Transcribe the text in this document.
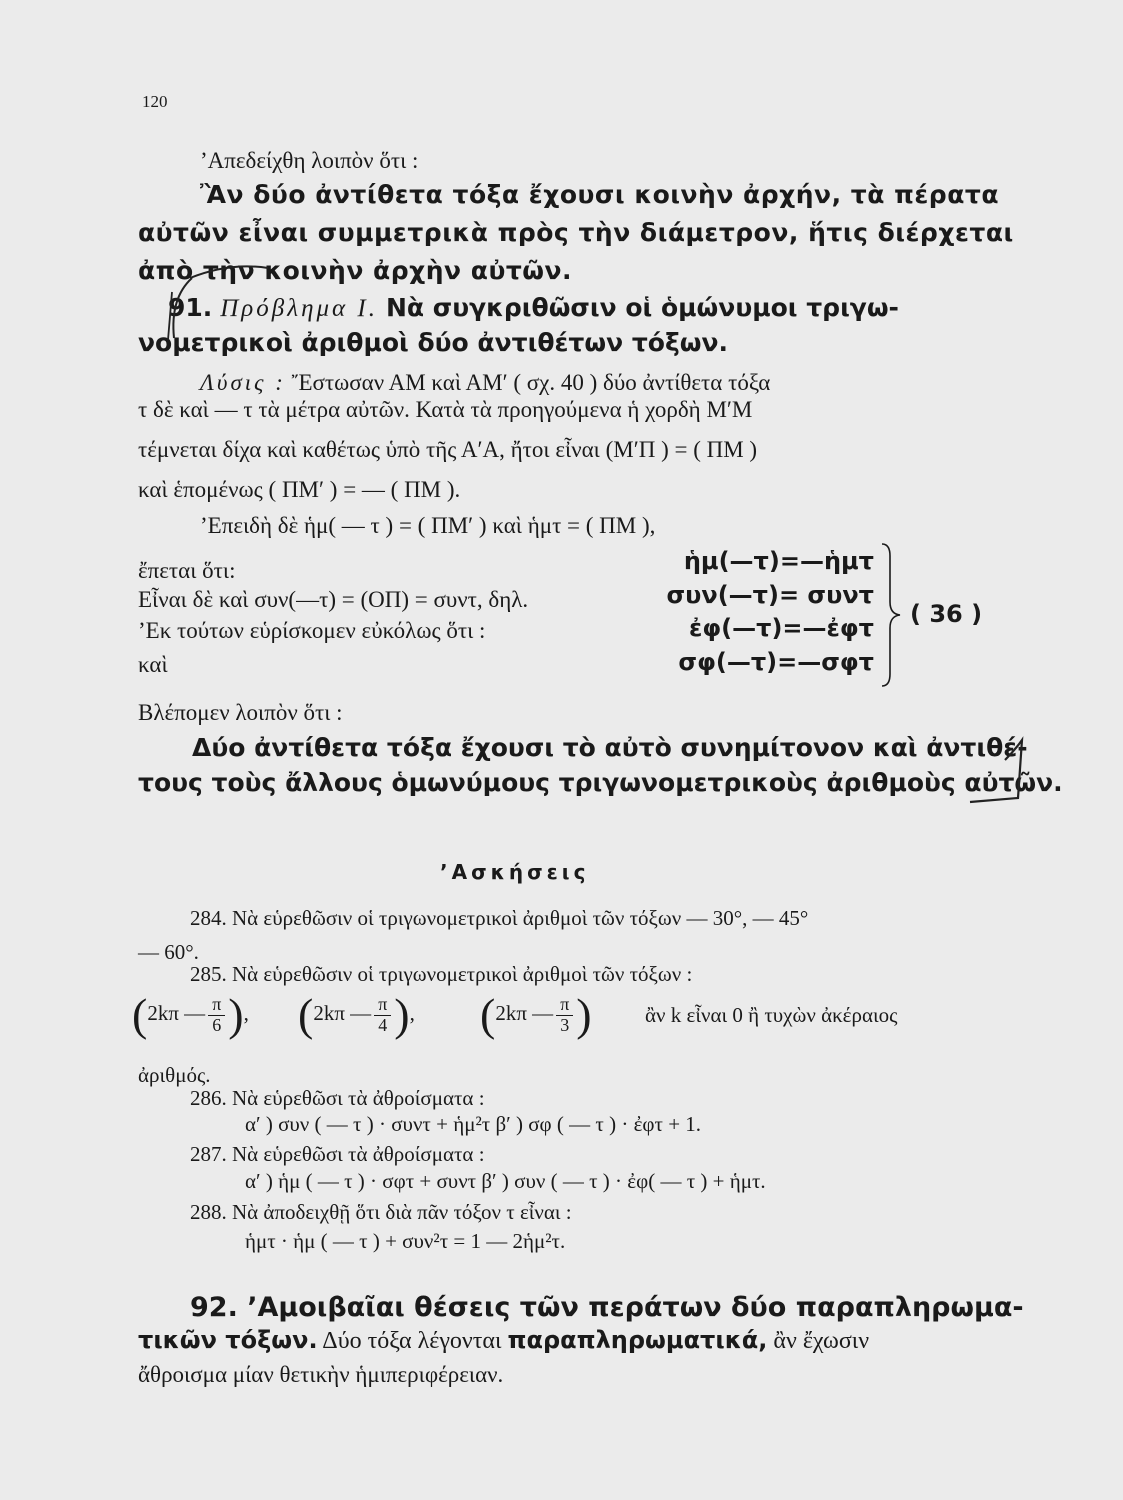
120
’Απεδείχθη λοιπὸν ὅτι :
Ἂν δύο ἀντίθετα τόξα ἔχουσι κοινὴν ἀρχήν, τὰ πέρατα
αὐτῶν εἶναι συμμετρικὰ πρὸς τὴν διάμετρον, ἥτις διέρχεται
ἀπὸ τὴν κοινὴν ἀρχὴν αὐτῶν.
91. Πρόβλημα Ι. Νὰ συγκριθῶσιν οἱ ὁμώνυμοι τριγω-
νομετρικοὶ ἀριθμοὶ δύο ἀντιθέτων τόξων.
Λύσις : Ἔστωσαν ΑΜ καὶ ΑΜ′ ( σχ. 40 ) δύο ἀντίθετα τόξα
τ δὲ καὶ — τ τὰ μέτρα αὐτῶν. Κατὰ τὰ προηγούμενα ἡ χορδὴ Μ′Μ
τέμνεται δίχα καὶ καθέτως ὑπὸ τῆς Α′Α, ἤτοι εἶναι (Μ′Π ) = ( ΠΜ )
καὶ ἑπομένως ( ΠΜ′ ) = — ( ΠΜ ).
’Επειδὴ δὲ ἡμ( — τ ) = ( ΠΜ′ ) καὶ ἡμτ = ( ΠΜ ),
ἔπεται ὅτι:
Εἶναι δὲ καὶ συν(—τ) = (ΟΠ) = συντ, δηλ.
’Εκ τούτων εὑρίσκομεν εὐκόλως ὅτι :
καὶ
ἡμ(—τ)=—ἡμτ
συν(—τ)= συντ
ἐφ(—τ)=—ἐφτ
σφ(—τ)=—σφτ
( 36 )
Βλέπομεν λοιπὸν ὅτι :
Δύο ἀντίθετα τόξα ἔχουσι τὸ αὐτὸ συνημίτονον καὶ ἀντιθέ-
τους τοὺς ἄλλους ὁμωνύμους τριγωνομετρικοὺς ἀριθμοὺς αὐτῶν.
’Ασκήσεις
284. Νὰ εὑρεθῶσιν οἱ τριγωνομετρικοὶ ἀριθμοὶ τῶν τόξων — 30°, — 45°
— 60°.
285. Νὰ εὑρεθῶσιν οἱ τριγωνομετρικοὶ ἀριθμοὶ τῶν τόξων :
(2kπ — $\frac{\pi}{6}$ ), (2kπ — $\frac{\pi}{4}$ ), (2kπ — $\frac{\pi}{3}$ )	ἂν k εἶναι 0 ἢ τυχὼν ἀκέραιος
ἀριθμός.
286. Νὰ εὑρεθῶσι τὰ ἀθροίσματα :
α′ ) συν ( — τ ) · συντ + ἡμ²τ β′ ) σφ ( — τ ) · ἐφτ + 1.
287. Νὰ εὑρεθῶσι τὰ ἀθροίσματα :
α′ ) ἡμ ( — τ ) · σφτ + συντ β′ ) συν ( — τ ) · ἐφ( — τ ) + ἡμτ.
288. Νὰ ἀποδειχθῇ ὅτι διὰ πᾶν τόξον τ εἶναι :
ἡμτ · ἡμ ( — τ ) + συν²τ = 1 — 2ἡμ²τ.
92. ’Αμοιβαῖαι θέσεις τῶν περάτων δύο παραπληρωμα-
τικῶν τόξων. Δύο τόξα λέγονται παραπληρωματικά, ἂν ἔχωσιν
ἄθροισμα μίαν θετικὴν ἡμιπεριφέρειαν.
